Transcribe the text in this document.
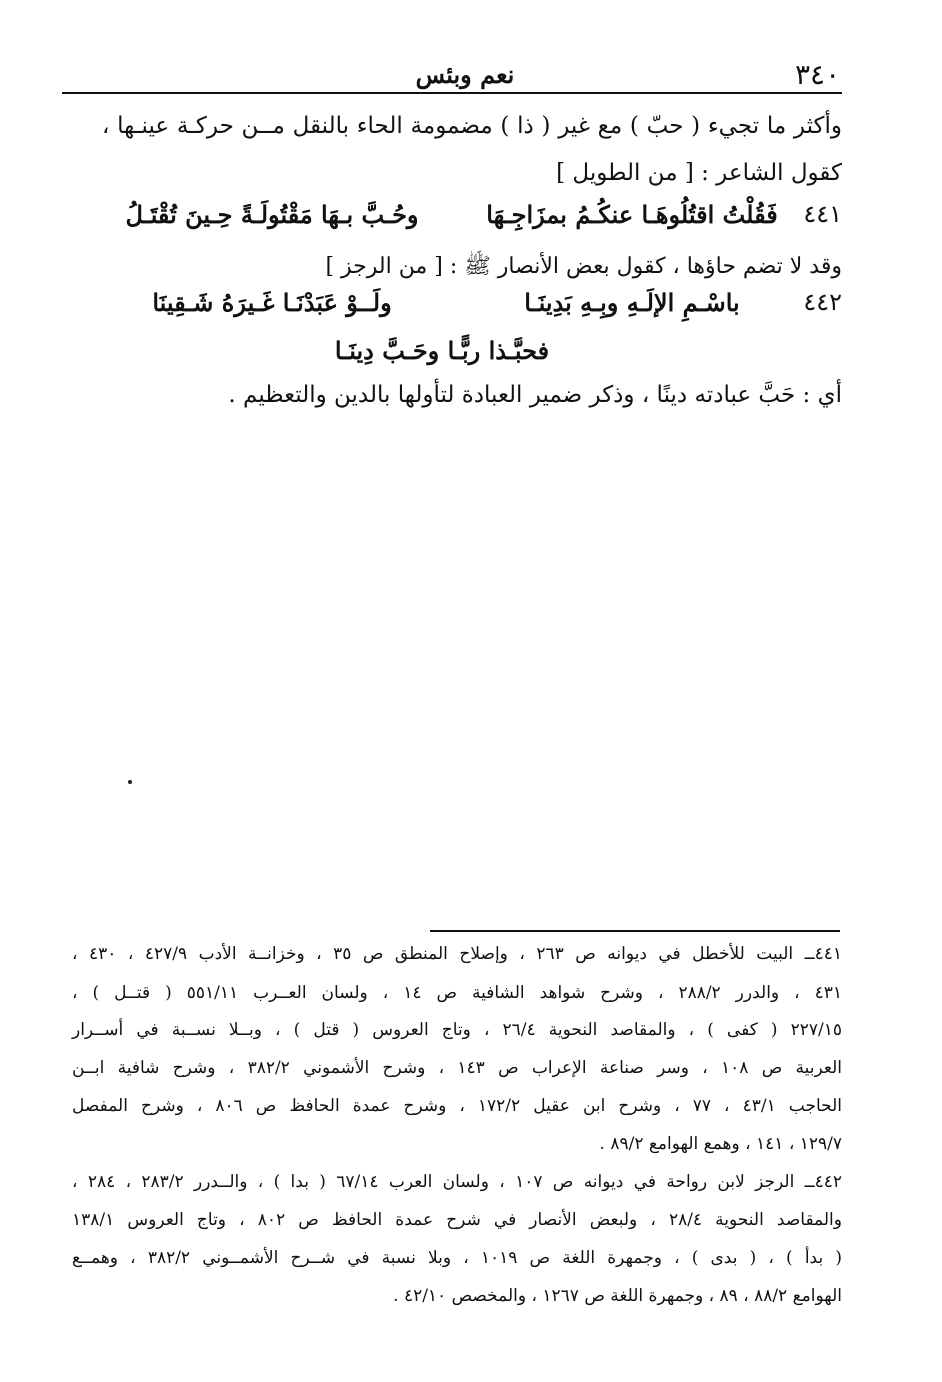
٣٤٠
نعم وبئس
وأكثر ما تجيء ( حبّ ) مع غير ( ذا ) مضمومة الحاء بالنقل مــن حركـة عينـها ،
كقول الشاعر : [ من الطويل ]
٤٤١
فَقُلْتُ اقتُلُوهَـا عنكُـمُ بمزَاجِـهَا
وحُـبَّ بـهَا مَقْتُولَـةً حِـينَ تُقْتَـلُ
وقد لا تضم حاؤها ، كقول بعض الأنصار ﷺ : [ من الرجز ]
٤٤٢
باسْـمِ الإلَـهِ وبِـهِ بَدِينَـا
ولَــوْ عَبَدْنَـا غَـيرَهُ شَـقِينَا
فحبَّـذا ربًّـا وحَـبَّ دِينَـا
أي : حَبَّ عبادته دينًا ، وذكر ضمير العبادة لتأولها بالدين والتعظيم .
٤٤١ــ البيت للأخطل في ديوانه ص ٢٦٣ ، وإصلاح المنطق ص ٣٥ ، وخزانــة الأدب ٤٢٧/٩ ، ٤٣٠ ،
٤٣١ ، والدرر ٢٨٨/٢ ، وشرح شواهد الشافية ص ١٤ ، ولسان العــرب ٥٥١/١١ ( قتــل ) ،
٢٢٧/١٥ ( كفى ) ، والمقاصد النحوية ٢٦/٤ ، وتاج العروس ( قتل ) ، وبــلا نســبة في أســرار
العربية ص ١٠٨ ، وسر صناعة الإعراب ص ١٤٣ ، وشرح الأشموني ٣٨٢/٢ ، وشرح شافية ابــن
الحاجب ٤٣/١ ، ٧٧ ، وشرح ابن عقيل ١٧٢/٢ ، وشرح عمدة الحافظ ص ٨٠٦ ، وشرح المفصل
١٢٩/٧ ، ١٤١ ، وهمع الهوامع ٨٩/٢ .
٤٤٢ــ الرجز لابن رواحة في ديوانه ص ١٠٧ ، ولسان العرب ٦٧/١٤ ( بدا ) ، والــدرر ٢٨٣/٢ ، ٢٨٤ ،
والمقاصد النحوية ٢٨/٤ ، ولبعض الأنصار في شرح عمدة الحافظ ص ٨٠٢ ، وتاج العروس ١٣٨/١
( بدأ ) ، ( بدى ) ، وجمهرة اللغة ص ١٠١٩ ، وبلا نسبة في شــرح الأشمــوني ٣٨٢/٢ ، وهمــع
الهوامع ٨٨/٢ ، ٨٩ ، وجمهرة اللغة ص ١٢٦٧ ، والمخصص ٤٢/١٠ .
